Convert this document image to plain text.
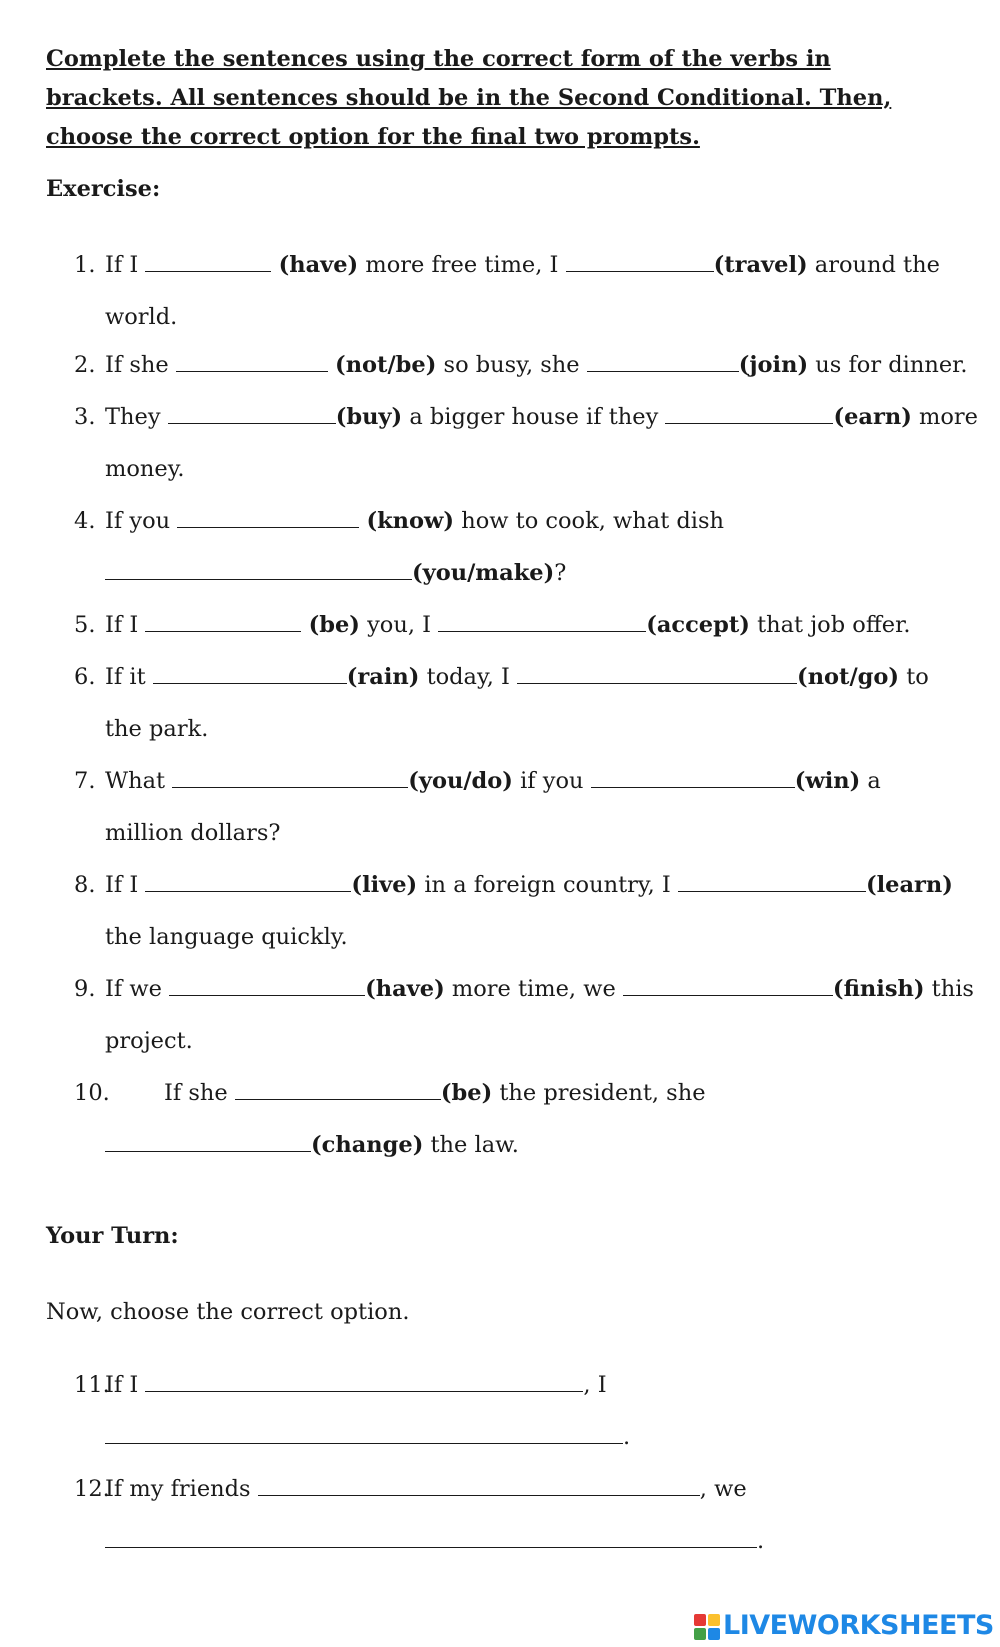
Complete the sentences using the correct form of the verbs in brackets. All sentences should be in the Second Conditional. Then, choose the correct option for the final two prompts.

Exercise:

1. If I	(have) more free time, I	(travel) around the
world.
2. If she	(not/be) so busy, she	(join) us for dinner.
3. They	(buy) a bigger house if they	(earn) more
money.
4. If you	(know) how to cook, what dish
(you/make)?
5. If I	(be) you, I	(accept) that job offer.
6. If it	(rain) today, I	(not/go) to
the park.
7. What	(you/do) if you	(win) a
million dollars?
8. If I	(live) in a foreign country, I	(learn)
the language quickly.
9. If we	(have) more time, we	(finish) this
project.
10. If she	(be) the president, she
(change) the law.

Your Turn:

Now, choose the correct option.

11.
If I	, I
.
12.
If my friends	, we
.
LIVEWORKSHEETS
